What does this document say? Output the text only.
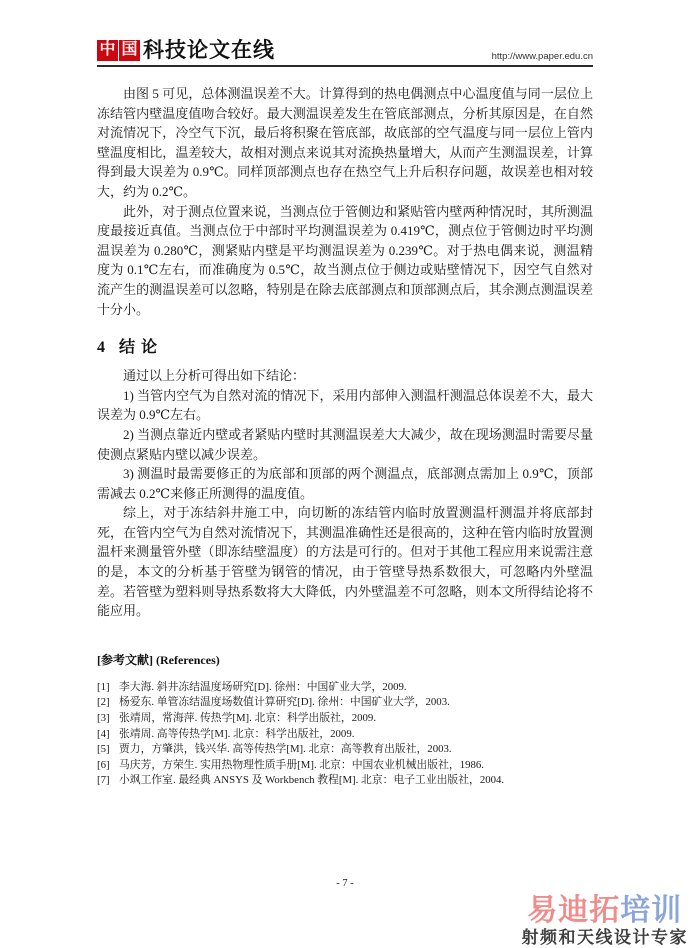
中 国 科技论文在线	http://www.paper.edu.cn

由图 5 可见，总体测温误差不大。计算得到的热电偶测点中心温度值与同一层位上冻结管内壁温度值吻合较好。最大测温误差发生在管底部测点，分析其原因是，在自然对流情况下，冷空气下沉，最后将积聚在管底部，故底部的空气温度与同一层位上管内壁温度相比，温差较大，故相对测点来说其对流换热量增大，从而产生测温误差，计算得到最大误差为 0.9℃。同样顶部测点也存在热空气上升后积存问题，故误差也相对较大，约为 0.2℃。

此外，对于测点位置来说，当测点位于管侧边和紧贴管内壁两种情况时，其所测温度最接近真值。当测点位于中部时平均测温误差为 0.419℃，测点位于管侧边时平均测温误差为 0.280℃，测紧贴内壁是平均测温误差为 0.239℃。对于热电偶来说，测温精度为 0.1℃左右，而准确度为 0.5℃，故当测点位于侧边或贴壁情况下，因空气自然对流产生的测温误差可以忽略，特别是在除去底部测点和顶部测点后，其余测点测温误差十分小。

4 结论

通过以上分析可得出如下结论：

1) 当管内空气为自然对流的情况下，采用内部伸入测温杆测温总体误差不大，最大误差为 0.9℃左右。

2) 当测点靠近内壁或者紧贴内壁时其测温误差大大减少，故在现场测温时需要尽量使测点紧贴内壁以减少误差。

3) 测温时最需要修正的为底部和顶部的两个测温点，底部测点需加上 0.9℃，顶部需减去 0.2℃来修正所测得的温度值。

综上，对于冻结斜井施工中，向切断的冻结管内临时放置测温杆测温并将底部封死，在管内空气为自然对流情况下，其测温准确性还是很高的，这种在管内临时放置测温杆来测量管外壁（即冻结壁温度）的方法是可行的。但对于其他工程应用来说需注意的是，本文的分析基于管壁为钢管的情况，由于管壁导热系数很大，可忽略内外壁温差。若管壁为塑料则导热系数将大大降低，内外壁温差不可忽略，则本文所得结论将不能应用。

[参考文献] (References)
[1] 李大海. 斜井冻结温度场研究[D]. 徐州：中国矿业大学，2009.
[2] 杨爱东. 单管冻结温度场数值计算研究[D]. 徐州：中国矿业大学，2003.
[3] 张靖周，常海萍. 传热学[M]. 北京：科学出版社，2009.
[4] 张靖周. 高等传热学[M]. 北京：科学出版社，2009.
[5] 贾力，方肇洪，钱兴华. 高等传热学[M]. 北京：高等教育出版社，2003.
[6] 马庆芳，方荣生. 实用热物理性质手册[M]. 北京：中国农业机械出版社，1986.
[7] 小飒工作室. 最经典 ANSYS 及 Workbench 教程[M]. 北京：电子工业出版社，2004.
- 7 -
易迪拓培训
射频和天线设计专家
